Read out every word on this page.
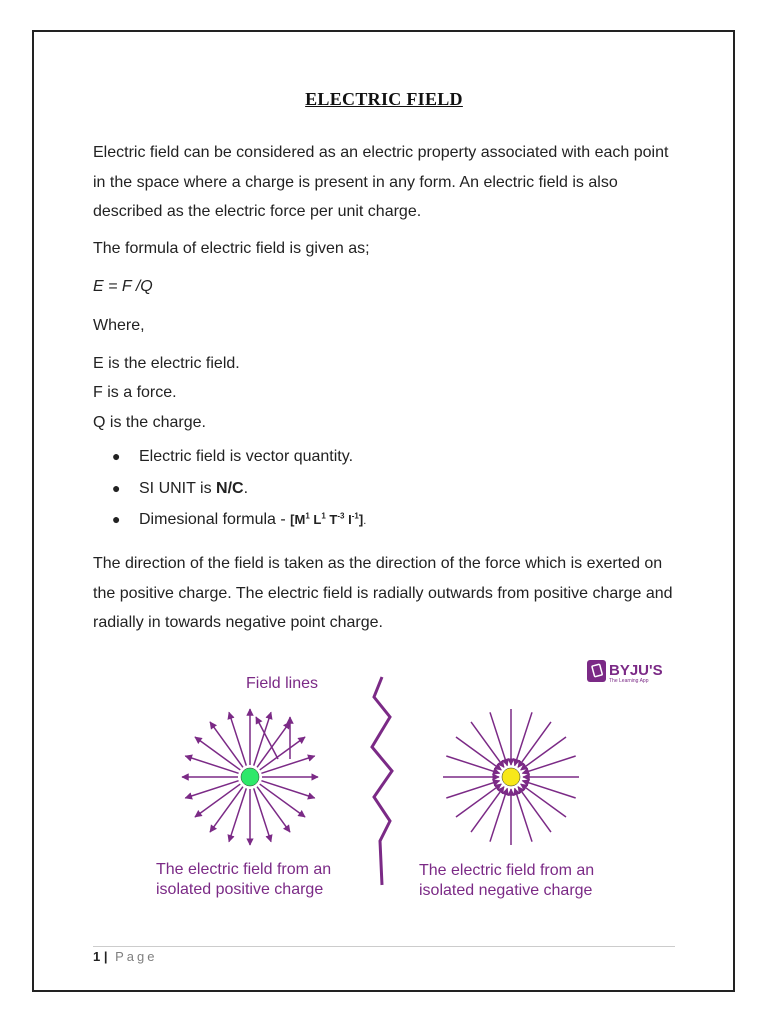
ELECTRIC FIELD
Electric field can be considered as an electric property associated with each point in the space where a charge is present in any form. An electric field is also described as the electric force per unit charge.
The formula of electric field is given as;
E = F /Q
Where,
E is the electric field.
F is a force.
Q is the charge.
● Electric field is vector quantity.
● SI UNIT is N/C.
● Dimesional formula - [$M^1$ $L^1$ $T^{-3}$ $I^{-1}$].
The direction of the field is taken as the direction of the force which is exerted on the positive charge. The electric field is radially outwards from positive charge and radially in towards negative point charge.
Field lines
The electric field from an
isolated positive charge
The electric field from an
isolated negative charge
BYJU'S
The Learning App
1 | Page
